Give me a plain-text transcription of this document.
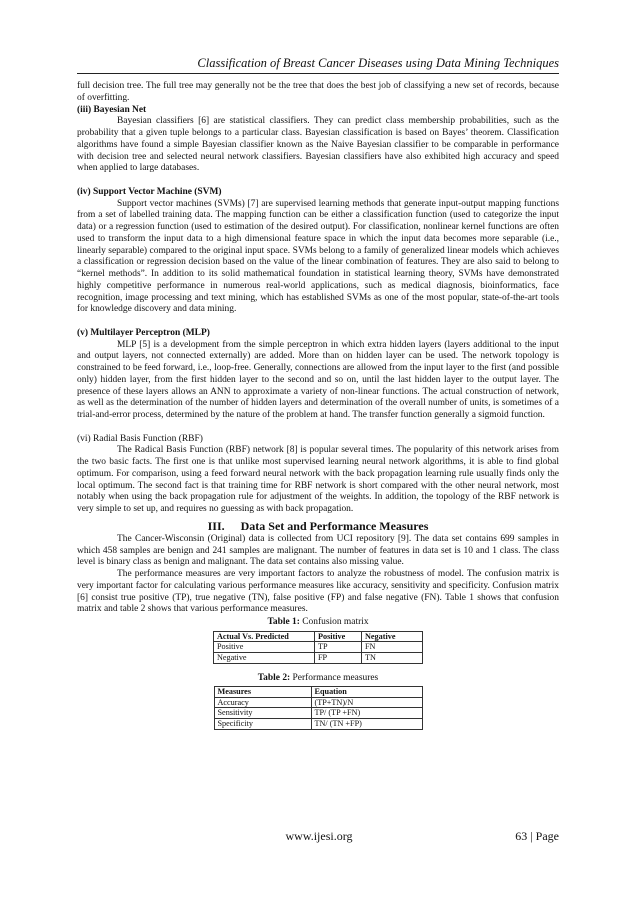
Classification of Breast Cancer Diseases using Data Mining Techniques

full decision tree. The full tree may generally not be the tree that does the best job of classifying a new set of records, because of overfitting.

(iii) Bayesian Net

Bayesian classifiers [6] are statistical classifiers. They can predict class membership probabilities, such as the probability that a given tuple belongs to a particular class. Bayesian classification is based on Bayes’ theorem. Classification algorithms have found a simple Bayesian classifier known as the Naive Bayesian classifier to be comparable in performance with decision tree and selected neural network classifiers. Bayesian classifiers have also exhibited high accuracy and speed when applied to large databases.

(iv) Support Vector Machine (SVM)

Support vector machines (SVMs) [7] are supervised learning methods that generate input-output mapping functions from a set of labelled training data. The mapping function can be either a classification function (used to categorize the input data) or a regression function (used to estimation of the desired output). For classification, nonlinear kernel functions are often used to transform the input data to a high dimensional feature space in which the input data becomes more separable (i.e., linearly separable) compared to the original input space. SVMs belong to a family of generalized linear models which achieves a classification or regression decision based on the value of the linear combination of features. They are also said to belong to “kernel methods”. In addition to its solid mathematical foundation in statistical learning theory, SVMs have demonstrated highly competitive performance in numerous real-world applications, such as medical diagnosis, bioinformatics, face recognition, image processing and text mining, which has established SVMs as one of the most popular, state-of-the-art tools for knowledge discovery and data mining.

(v) Multilayer Perceptron (MLP)

MLP [5] is a development from the simple perceptron in which extra hidden layers (layers additional to the input and output layers, not connected externally) are added. More than on hidden layer can be used. The network topology is constrained to be feed forward, i.e., loop-free. Generally, connections are allowed from the input layer to the first (and possible only) hidden layer, from the first hidden layer to the second and so on, until the last hidden layer to the output layer. The presence of these layers allows an ANN to approximate a variety of non-linear functions. The actual construction of network, as well as the determination of the number of hidden layers and determination of the overall number of units, is sometimes of a trial-and-error process, determined by the nature of the problem at hand. The transfer function generally a sigmoid function.

(vi) Radial Basis Function (RBF)

The Radical Basis Function (RBF) network [8] is popular several times. The popularity of this network arises from the two basic facts. The first one is that unlike most supervised learning neural network algorithms, it is able to find global optimum. For comparison, using a feed forward neural network with the back propagation learning rule usually finds only the local optimum. The second fact is that training time for RBF network is short compared with the other neural network, most notably when using the back propagation rule for adjustment of the weights. In addition, the topology of the RBF network is very simple to set up, and requires no guessing as with back propagation.

III. Data Set and Performance Measures

The Cancer-Wisconsin (Original) data is collected from UCI repository [9]. The data set contains 699 samples in which 458 samples are benign and 241 samples are malignant. The number of features in data set is 10 and 1 class. The class level is binary class as benign and malignant. The data set contains also missing value.

The performance measures are very important factors to analyze the robustness of model. The confusion matrix is very important factor for calculating various performance measures like accuracy, sensitivity and specificity. Confusion matrix [6] consist true positive (TP), true negative (TN), false positive (FP) and false negative (FN). Table 1 shows that confusion matrix and table 2 shows that various performance measures.

Table 1: Confusion matrix
Actual Vs. Predicted	Positive	Negative
Positive	TP	FN
Negative	FP	TN
Table 2: Performance measures
Measures	Equation
Accuracy	(TP+TN)/N
Sensitivity	TP/ (TP +FN)
Specificity	TN/ (TN +FP)
www.ijesi.org	63 | Page
